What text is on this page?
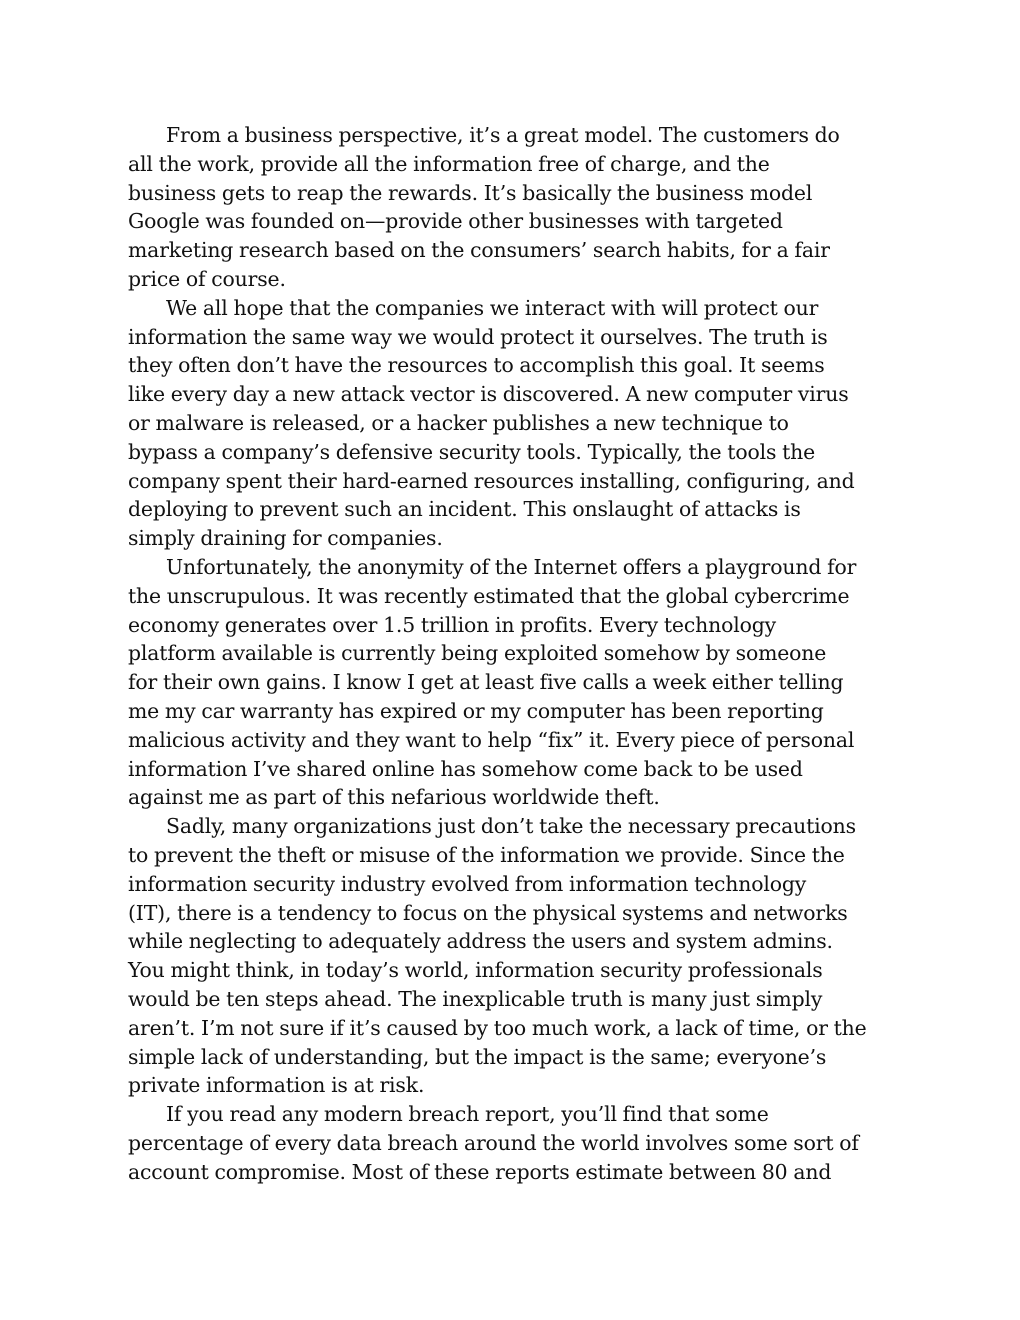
From a business perspective, it’s a great model. The customers do
all the work, provide all the information free of charge, and the
business gets to reap the rewards. It’s basically the business model
Google was founded on—provide other businesses with targeted
marketing research based on the consumers’ search habits, for a fair
price of course.
We all hope that the companies we interact with will protect our
information the same way we would protect it ourselves. The truth is
they often don’t have the resources to accomplish this goal. It seems
like every day a new attack vector is discovered. A new computer virus
or malware is released, or a hacker publishes a new technique to
bypass a company’s defensive security tools. Typically, the tools the
company spent their hard-earned resources installing, configuring, and
deploying to prevent such an incident. This onslaught of attacks is
simply draining for companies.
Unfortunately, the anonymity of the Internet offers a playground for
the unscrupulous. It was recently estimated that the global cybercrime
economy generates over 1.5 trillion in profits. Every technology
platform available is currently being exploited somehow by someone
for their own gains. I know I get at least five calls a week either telling
me my car warranty has expired or my computer has been reporting
malicious activity and they want to help “fix” it. Every piece of personal
information I’ve shared online has somehow come back to be used
against me as part of this nefarious worldwide theft.
Sadly, many organizations just don’t take the necessary precautions
to prevent the theft or misuse of the information we provide. Since the
information security industry evolved from information technology
(IT), there is a tendency to focus on the physical systems and networks
while neglecting to adequately address the users and system admins.
You might think, in today’s world, information security professionals
would be ten steps ahead. The inexplicable truth is many just simply
aren’t. I’m not sure if it’s caused by too much work, a lack of time, or the
simple lack of understanding, but the impact is the same; everyone’s
private information is at risk.
If you read any modern breach report, you’ll find that some
percentage of every data breach around the world involves some sort of
account compromise. Most of these reports estimate between 80 and
